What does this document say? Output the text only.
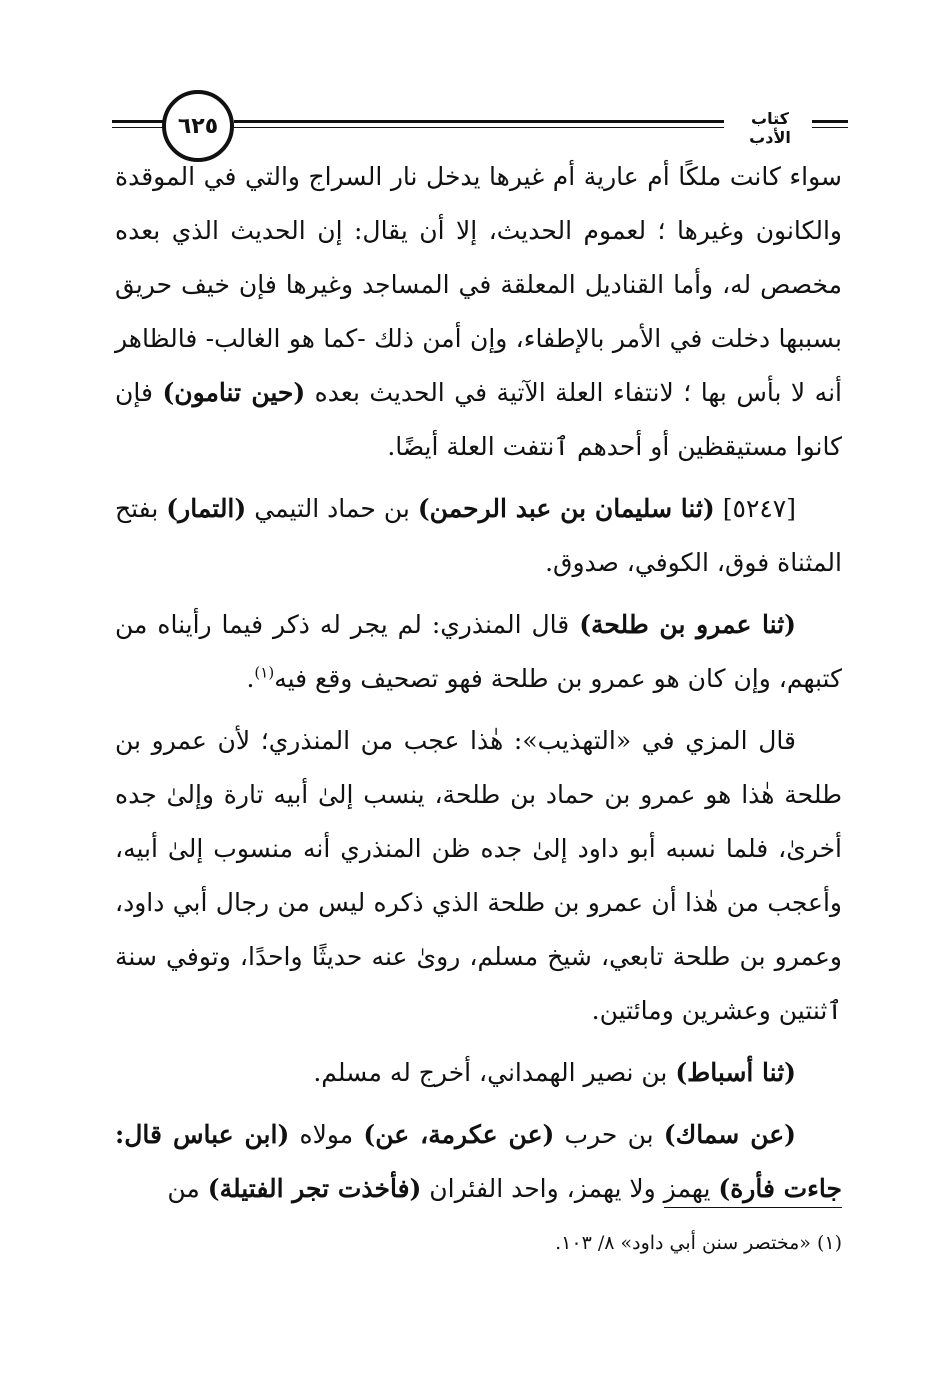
٦٢٥	كتاب الأدب

سواء كانت ملكًا أم عارية أم غيرها يدخل نار السراج والتي في الموقدة والكانون وغيرها ؛ لعموم الحديث، إلا أن يقال: إن الحديث الذي بعده مخصص له، وأما القناديل المعلقة في المساجد وغيرها فإن خيف حريق بسببها دخلت في الأمر بالإطفاء، وإن أمن ذلك -كما هو الغالب- فالظاهر أنه لا بأس بها ؛ لانتفاء العلة الآتية في الحديث بعده (حين تنامون) فإن كانوا مستيقظين أو أحدهم ٱنتفت العلة أيضًا.

[٥٢٤٧] (ثنا سليمان بن عبد الرحمن) بن حماد التيمي (التمار) بفتح المثناة فوق، الكوفي، صدوق.

(ثنا عمرو بن طلحة) قال المنذري: لم يجر له ذكر فيما رأيناه من كتبهم، وإن كان هو عمرو بن طلحة فهو تصحيف وقع فيه$^{(١)}$.

قال المزي في «التهذيب»: هٰذا عجب من المنذري؛ لأن عمرو بن طلحة هٰذا هو عمرو بن حماد بن طلحة، ينسب إلىٰ أبيه تارة وإلىٰ جده أخرىٰ، فلما نسبه أبو داود إلىٰ جده ظن المنذري أنه منسوب إلىٰ أبيه، وأعجب من هٰذا أن عمرو بن طلحة الذي ذكره ليس من رجال أبي داود، وعمرو بن طلحة تابعي، شيخ مسلم، روىٰ عنه حديثًا واحدًا، وتوفي سنة ٱثنتين وعشرين ومائتين.

(ثنا أسباط) بن نصير الهمداني، أخرج له مسلم.

(عن سماك) بن حرب (عن عكرمة، عن) مولاه (ابن عباس قال: جاءت فأرة) يهمز ولا يهمز، واحد الفئران (فأخذت تجر الفتيلة) من

(١) «مختصر سنن أبي داود» ٨/ ١٠٣.
